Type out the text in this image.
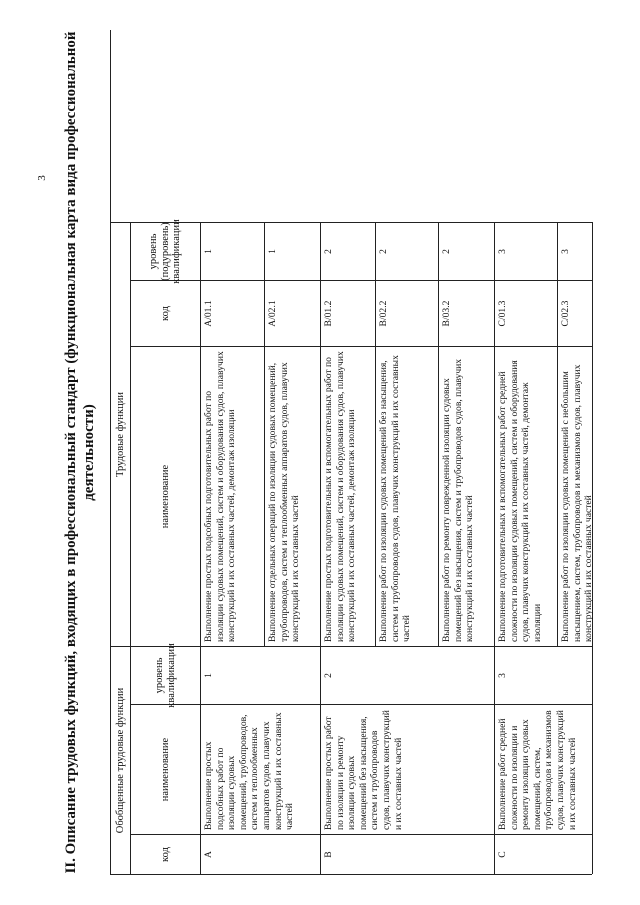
3	II. Описание трудовых функций, входящих в профессиональный стандарт (функциональная карта вида профессиональной деятельности)
Обобщенные трудовые функции
Трудовые функции
код
наименование
уровень квалификации
наименование
код
уровень (подуровень) квалификации
A
Выполнение простых подсобных работ по изоляции судовых помещений, трубопроводов, систем и теплообменных аппаратов судов, плавучих конструкций и их составных частей
1
Выполнение простых подсобных подготовительных работ по изоляции судовых помещений, систем и оборудования судов, плавучих конструкций и их составных частей, демонтаж изоляции
A/01.1
1
Выполнение отдельных операций по изоляции судовых помещений, трубопроводов, систем и теплообменных аппаратов судов, плавучих конструкций и их составных частей
A/02.1
1
B
Выполнение простых работ по изоляции и ремонту изоляции судовых помещений без насыщения, систем и трубопроводов судов, плавучих конструкций и их составных частей
2
Выполнение простых подготовительных и вспомогательных работ по изоляции судовых помещений, систем и оборудования судов, плавучих конструкций и их составных частей, демонтаж изоляции
B/01.2
2
Выполнение работ по изоляции судовых помещений без насыщения, систем и трубопроводов судов, плавучих конструкций и их составных частей
B/02.2
2
Выполнение работ по ремонту поврежденной изоляции судовых помещений без насыщения, систем и трубопроводов судов, плавучих конструкций и их составных частей
B/03.2
2
C
Выполнение работ средней сложности по изоляции и ремонту изоляции судовых помещений, систем, трубопроводов и механизмов судов, плавучих конструкций и их составных частей
3
Выполнение подготовительных и вспомогательных работ средней сложности по изоляции судовых помещений, систем и оборудования судов, плавучих конструкций и их составных частей, демонтаж изоляции
C/01.3
3
Выполнение работ по изоляции судовых помещений с небольшим насыщением, систем, трубопроводов и механизмов судов, плавучих конструкций и их составных частей
C/02.3
3
